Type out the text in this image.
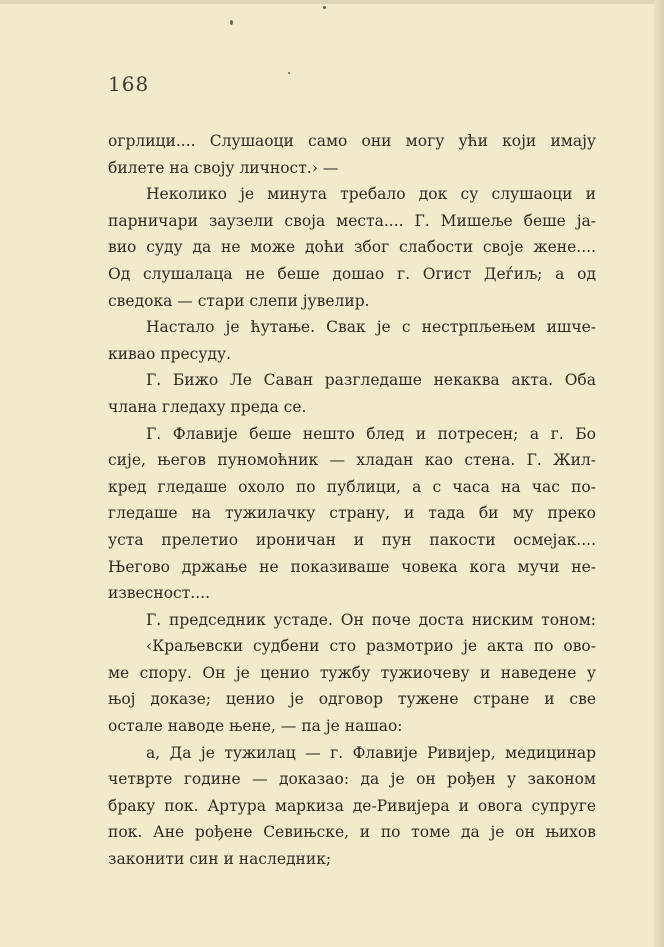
168
огрлици.... Слушаоци само они могу ући који имају
билете на своју личност.› —
Неколико је минута требало док су слушаоци и
парничари заузели своја места.... Г. Мишеље беше ја-
вио суду да не може доћи због слабости своје жене....
Од слушалаца не беше дошао г. Огист Деѓиљ; а од
сведока — стари слепи јувелир.
Настало је ћутање. Свак је с нестрпљењем ишче-
кивао пресуду.
Г. Бижо Ле Саван разгледаше некаква акта. Оба
члана гледаху преда се.
Г. Флавије беше нешто блед и потресен; а г. Бо
сије, његов пуномоћник — хладан као стена. Г. Жил-
кред гледаше охоло по публици, а с часа на час по-
гледаше на тужилачку страну, и тада би му преко
уста прелетио ироничан и пун пакости осмејак....
Његово држање не показиваше човека кога мучи не-
извесност....
Г. председник устаде. Он поче доста ниским тоном:
‹Краљевски судбени сто размотрио је акта по ово-
ме спору. Он је ценио тужбу тужиочеву и наведене у
њој доказе; ценио је одговор тужене стране и све
остале наводе њене, — па је нашао:
а, Да је тужилац — г. Флавије Ривијер, медицинар
четврте године — доказао: да је он рођен у законом
браку пок. Артура маркиза де-Ривијера и овога супруге
пок. Ане рођене Севињске, и по томе да је он њихов
законити син и наследник;
